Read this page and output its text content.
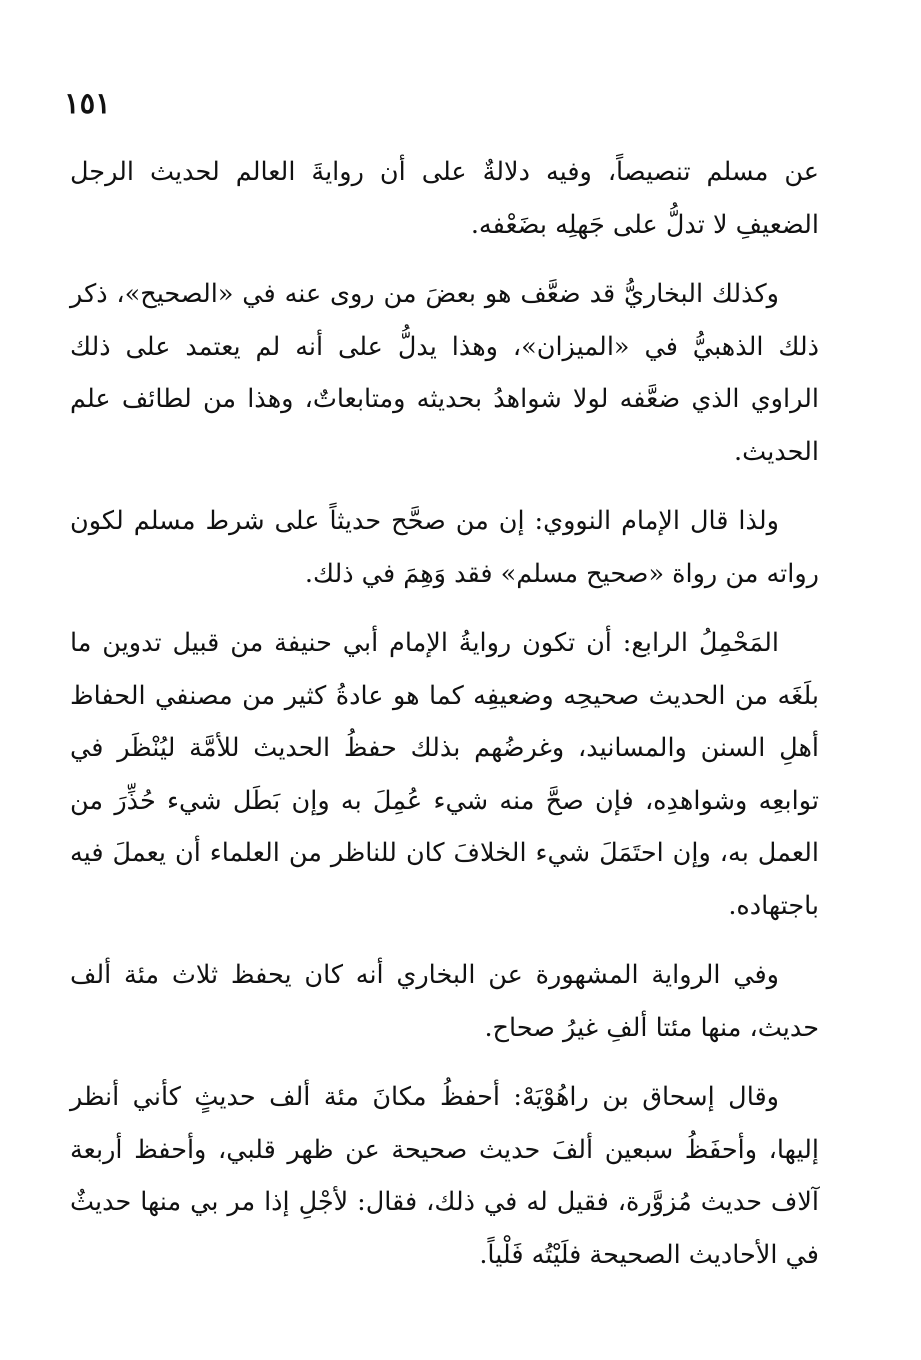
١٥١

عن مسلم تنصيصاً، وفيه دلالةٌ على أن روايةَ العالم لحديث الرجل الضعيفِ لا تدلُّ على جَهلِه بضَعْفه.

وكذلك البخاريُّ قد ضعَّف هو بعضَ من روى عنه في «الصحيح»، ذكر ذلك الذهبيُّ في «الميزان»، وهذا يدلُّ على أنه لم يعتمد على ذلك الراوي الذي ضعَّفه لولا شواهدُ بحديثه ومتابعاتٌ، وهذا من لطائف علم الحديث.

ولذا قال الإمام النووي: إن من صحَّح حديثاً على شرط مسلم لكون رواته من رواة «صحيح مسلم» فقد وَهِمَ في ذلك.

المَحْمِلُ الرابع: أن تكون روايةُ الإمام أبي حنيفة من قبيل تدوين ما بلَغَه من الحديث صحيحِه وضعيفِه كما هو عادةُ كثير من مصنفي الحفاظ أهلِ السنن والمسانيد، وغرضُهم بذلك حفظُ الحديث للأمَّة ليُنْظَر في توابعِه وشواهدِه، فإن صحَّ منه شيء عُمِلَ به وإن بَطَل شيء حُذِّرَ من العمل به، وإن احتَمَلَ شيء الخلافَ كان للناظر من العلماء أن يعملَ فيه باجتهاده.

وفي الرواية المشهورة عن البخاري أنه كان يحفظ ثلاث مئة ألف حديث، منها مئتا ألفِ غيرُ صحاح.

وقال إسحاق بن راهُوْيَهْ: أحفظُ مكانَ مئة ألف حديثٍ كأني أنظر إليها، وأحفَظُ سبعين ألفَ حديث صحيحة عن ظهر قلبي، وأحفظ أربعة آلاف حديث مُزوَّرة، فقيل له في ذلك، فقال: لأجْلِ إذا مر بي منها حديثٌ في الأحاديث الصحيحة فلَيْتُه فَلْياً.
